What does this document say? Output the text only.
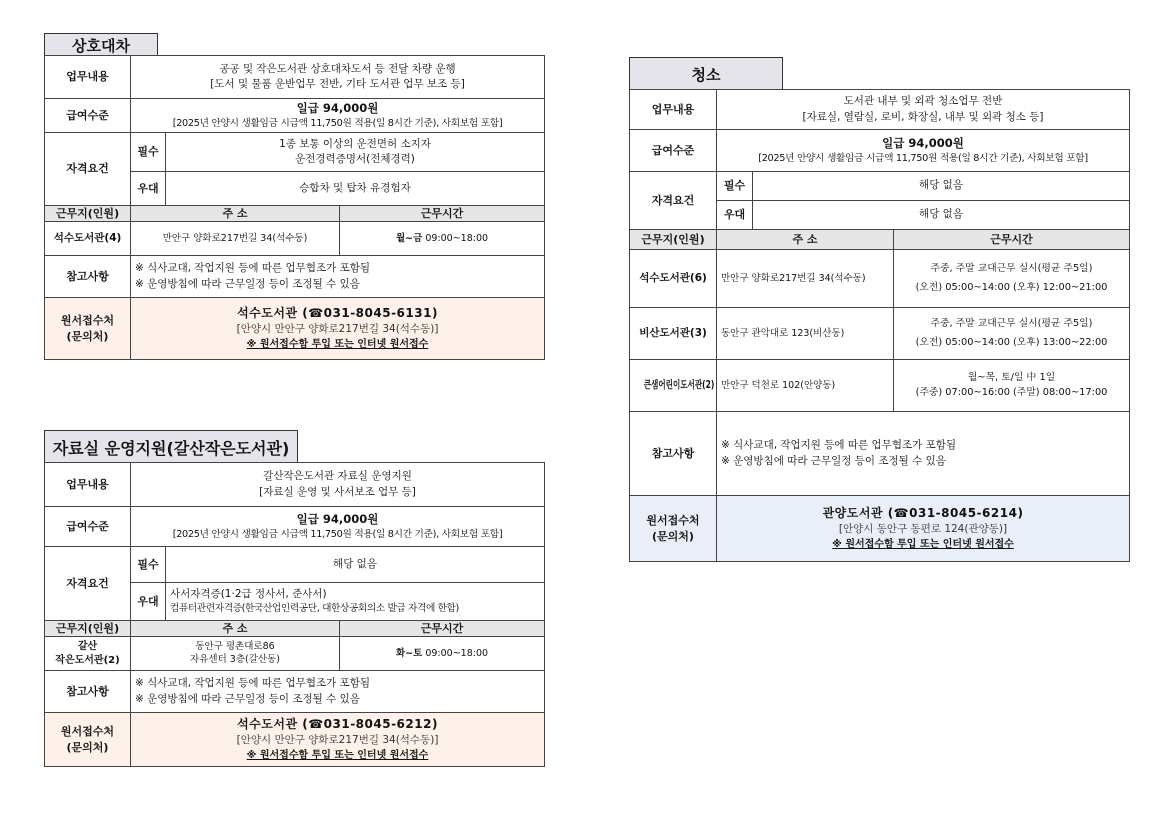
상호대차
업무내용	공공 및 작은도서관 상호대차도서 등 전달 차량 운행
[도서 및 물품 운반업무 전반, 기타 도서관 업무 보조 등]		

급여수준	일급 94,000원
[2025년 안양시 생활임금 시급액 11,750원 적용(일 8시간 기준), 사회보험 포함]		

자격요건	필수	1종 보통 이상의 운전면허 소지자
운전경력증명서(전체경력)	

	우대	승합차 및 탑차 유경험자	
근무지(인원)	주 소		근무시간
석수도서관(4)	만안구 양화로217번길 34(석수동)		월~금 09:00~18:00
참고사항	※ 식사교대, 작업지원 등에 따른 업무협조가 포함됨
※ 운영방침에 따라 근무일정 등이 조정될 수 있음		

원서접수처
(문의처)	석수도서관 (☎031-8045-6131)
[안양시 만안구 양화로217번길 34(석수동)]
※ 원서접수함 투입 또는 인터넷 원서접수		
자료실 운영지원(갈산작은도서관)
업무내용	갈산작은도서관 자료실 운영지원
[자료실 운영 및 사서보조 업무 등]		

급여수준	일급 94,000원
[2025년 안양시 생활임금 시급액 11,750원 적용(일 8시간 기준), 사회보험 포함]		

자격요건	필수	해당 없음	
	우대	사서자격증(1·2급 정사서, 준사서)
컴퓨터관련자격증(한국산업인력공단, 대한상공회의소 발급 자격에 한함)	

근무지(인원)	주 소		근무시간

갈산
작은도서관(2)	동안구 평촌대로86
자유센터 3층(갈산동)		화~토 09:00~18:00
참고사항	※ 식사교대, 작업지원 등에 따른 업무협조가 포함됨
※ 운영방침에 따라 근무일정 등이 조정될 수 있음		

원서접수처
(문의처)	석수도서관 (☎031-8045-6212)
[안양시 만안구 양화로217번길 34(석수동)]
※ 원서접수함 투입 또는 인터넷 원서접수		
청소
업무내용	도서관 내부 및 외곽 청소업무 전반
[자료실, 열람실, 로비, 화장실, 내부 및 외곽 청소 등]		

급여수준	일급 94,000원
[2025년 안양시 생활임금 시급액 11,750원 적용(일 8시간 기준), 사회보험 포함]		

자격요건	필수	해당 없음	
	우대	해당 없음	
근무지(인원)	주 소		근무시간
석수도서관(6)	만안구 양화로217번길 34(석수동)		주중, 주말 교대근무 실시(평균 주5일)
(오전) 05:00~14:00 (오후) 12:00~21:00

비산도서관(3)	동안구 관악대로 123(비산동)		주중, 주말 교대근무 실시(평균 주5일)
(오전) 05:00~14:00 (오후) 13:00~22:00

큰샘어린이도서관(2)	만안구 덕천로 102(안양동)		월~목, 토/일 中 1일
(주중) 07:00~16:00 (주말) 08:00~17:00

참고사항	※ 식사교대, 작업지원 등에 따른 업무협조가 포함됨
※ 운영방침에 따라 근무일정 등이 조정될 수 있음		

원서접수처
(문의처)	관양도서관 (☎031-8045-6214)
[안양시 동안구 동편로 124(관양동)]
※ 원서접수함 투입 또는 인터넷 원서접수		
